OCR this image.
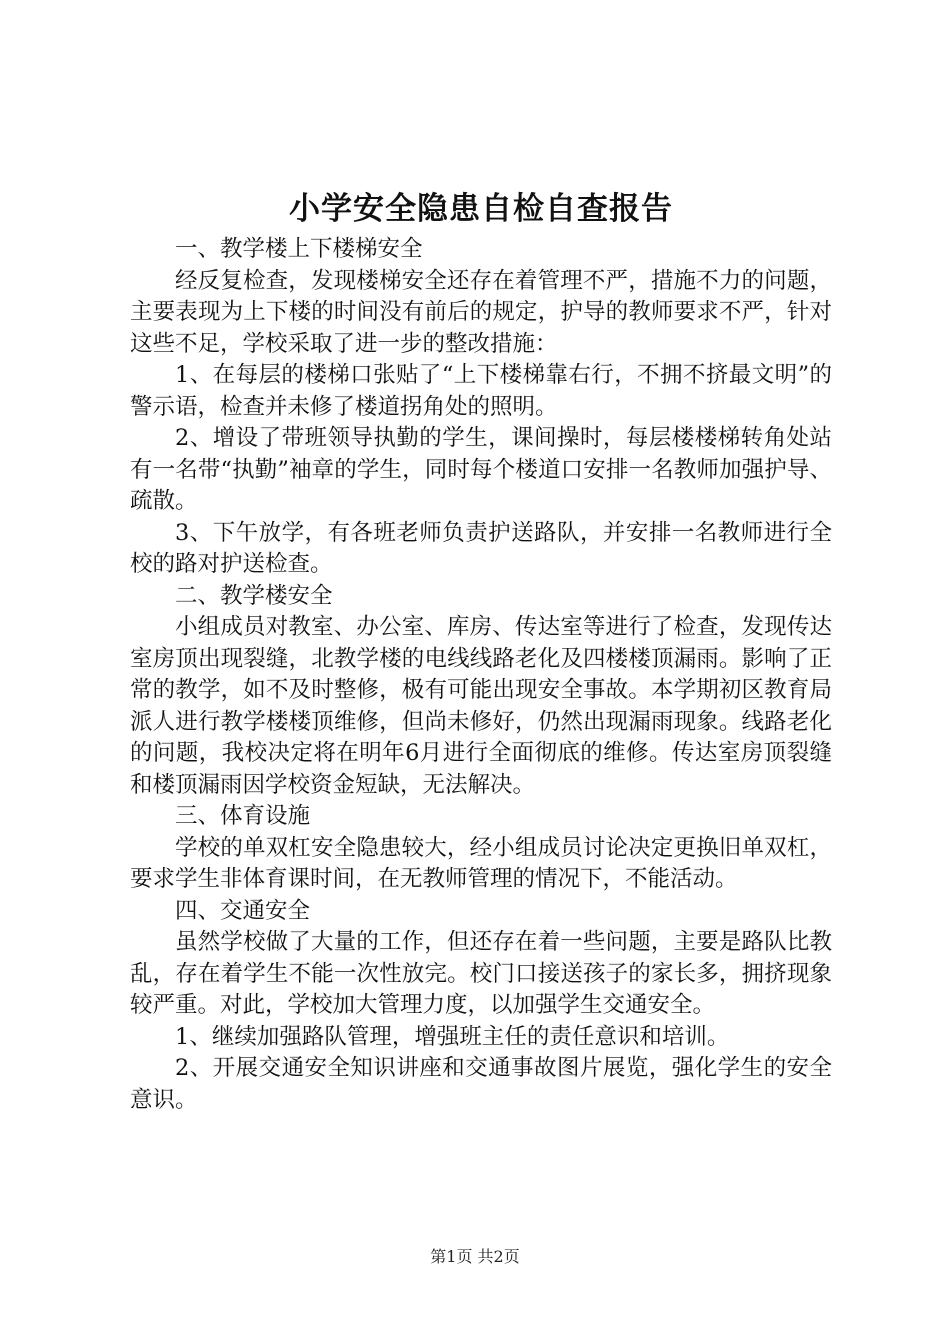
小学安全隐患自检自查报告

一、教学楼上下楼梯安全

经反复检查，发现楼梯安全还存在着管理不严，措施不力的问题，主要表现为上下楼的时间没有前后的规定，护导的教师要求不严，针对这些不足，学校采取了进一步的整改措施：

1、在每层的楼梯口张贴了“上下楼梯靠右行，不拥不挤最文明”的警示语，检查并未修了楼道拐角处的照明。

2、增设了带班领导执勤的学生，课间操时，每层楼楼梯转角处站有一名带“执勤”袖章的学生，同时每个楼道口安排一名教师加强护导、疏散。

3、下午放学，有各班老师负责护送路队，并安排一名教师进行全校的路对护送检查。

二、教学楼安全

小组成员对教室、办公室、库房、传达室等进行了检查，发现传达室房顶出现裂缝，北教学楼的电线线路老化及四楼楼顶漏雨。影响了正常的教学，如不及时整修，极有可能出现安全事故。本学期初区教育局派人进行教学楼楼顶维修，但尚未修好，仍然出现漏雨现象。线路老化的问题，我校决定将在明年6月进行全面彻底的维修。传达室房顶裂缝和楼顶漏雨因学校资金短缺，无法解决。

三、体育设施

学校的单双杠安全隐患较大，经小组成员讨论决定更换旧单双杠，要求学生非体育课时间，在无教师管理的情况下，不能活动。

四、交通安全

虽然学校做了大量的工作，但还存在着一些问题，主要是路队比教乱，存在着学生不能一次性放完。校门口接送孩子的家长多，拥挤现象较严重。对此，学校加大管理力度，以加强学生交通安全。

1、继续加强路队管理，增强班主任的责任意识和培训。

2、开展交通安全知识讲座和交通事故图片展览，强化学生的安全意识。

第1页 共2页
